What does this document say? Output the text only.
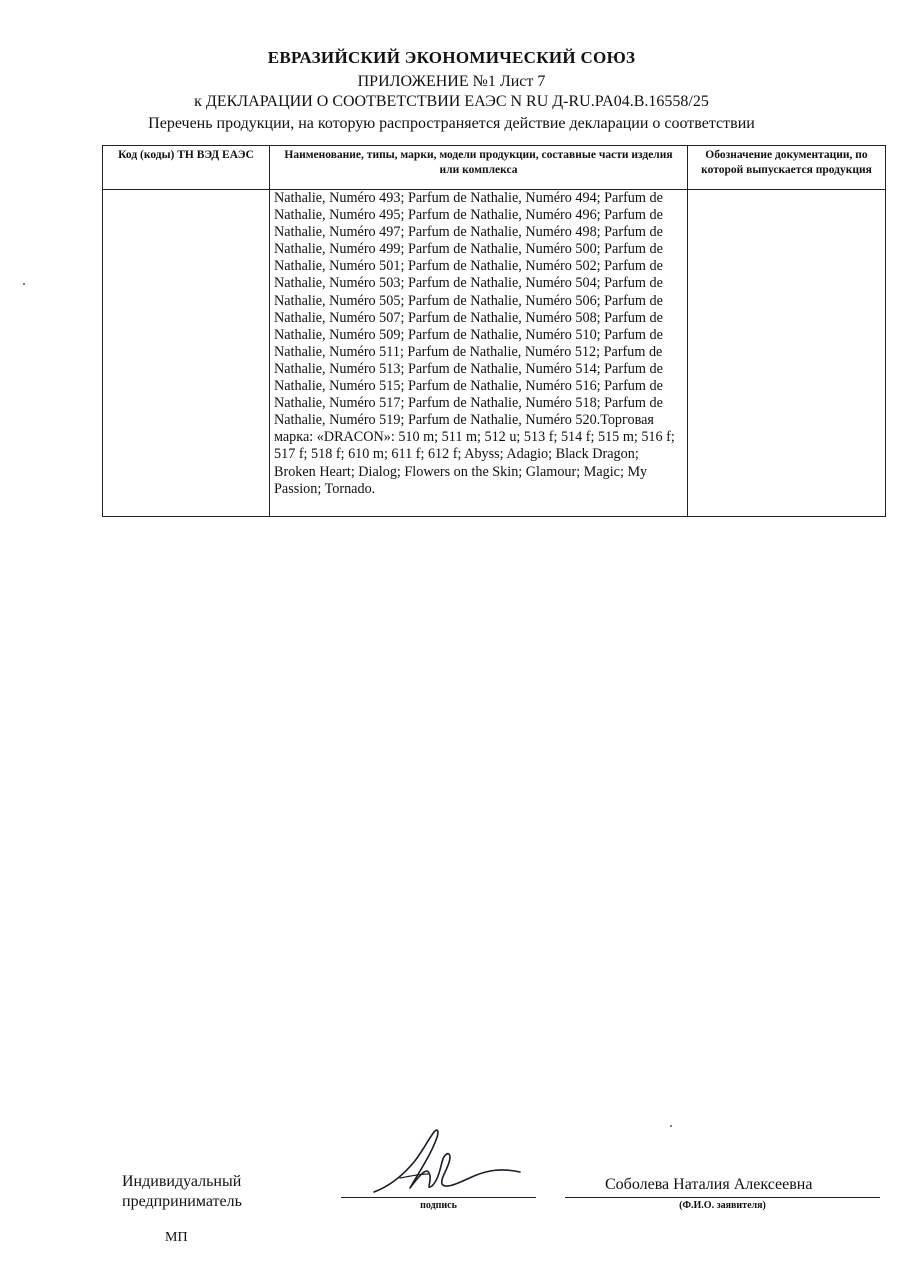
ЕВРАЗИЙСКИЙ ЭКОНОМИЧЕСКИЙ СОЮЗ
ПРИЛОЖЕНИЕ №1 Лист 7
к ДЕКЛАРАЦИИ О СООТВЕТСТВИИ ЕАЭС N RU Д-RU.PA04.B.16558/25
Перечень продукции, на которую распространяется действие декларации о соответствии
Код (коды) ТН ВЭД ЕАЭС	Наименование, типы, марки, модели продукции, составные части изделия или комплекса	Обозначение документации, по которой выпускается продукция
	Nathalie, Numéro 493; Parfum de Nathalie, Numéro 494; Parfum de Nathalie, Numéro 495; Parfum de Nathalie, Numéro 496; Parfum de Nathalie, Numéro 497; Parfum de Nathalie, Numéro 498; Parfum de Nathalie, Numéro 499; Parfum de Nathalie, Numéro 500; Parfum de Nathalie, Numéro 501; Parfum de Nathalie, Numéro 502; Parfum de Nathalie, Numéro 503; Parfum de Nathalie, Numéro 504; Parfum de Nathalie, Numéro 505; Parfum de Nathalie, Numéro 506; Parfum de Nathalie, Numéro 507; Parfum de Nathalie, Numéro 508; Parfum de Nathalie, Numéro 509; Parfum de Nathalie, Numéro 510; Parfum de Nathalie, Numéro 511; Parfum de Nathalie, Numéro 512; Parfum de Nathalie, Numéro 513; Parfum de Nathalie, Numéro 514; Parfum de Nathalie, Numéro 515; Parfum de Nathalie, Numéro 516; Parfum de Nathalie, Numéro 517; Parfum de Nathalie, Numéro 518; Parfum de Nathalie, Numéro 519; Parfum de Nathalie, Numéro 520.Торговая марка: «DRACON»: 510 m; 511 m; 512 u; 513 f; 514 f; 515 m; 516 f; 517 f; 518 f; 610 m; 611 f; 612 f; Abyss; Adagio; Black Dragon; Broken Heart; Dialog; Flowers on the Skin; Glamour; Magic; My Passion; Tornado.	
Индивидуальный
предприниматель	подпись
Соболева Наталия Алексеевна
(Ф.И.О. заявителя)
МП
